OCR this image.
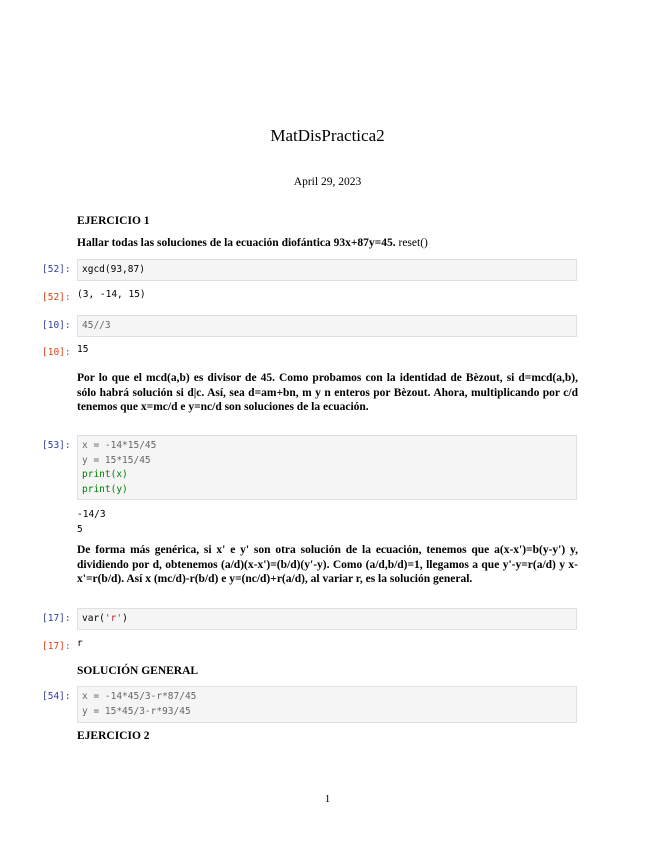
MatDisPractica2
April 29, 2023
EJERCICIO 1
Hallar todas las soluciones de la ecuación diofántica 93x+87y=45. reset()
[52]:	xgcd(93,87)
[52]: (3, -14, 15)
[10]:	45//3
[10]: 15
Por lo que el mcd(a,b) es divisor de 45. Como probamos con la identidad de Bèzout, si d=mcd(a,b), sólo habrá solución si d|c. Así, sea d=am+bn, m y n enteros por Bèzout. Ahora, multiplicando por c/d tenemos que x=mc/d e y=nc/d son soluciones de la ecuación.
[53]:	x = -14*15/45
y = 15*15/45
print(x)
print(y)
-14/3
5
De forma más genérica, si x' e y' son otra solución de la ecuación, tenemos que a(x-x')=b(y-y') y, dividiendo por d, obtenemos (a/d)(x-x')=(b/d)(y'-y). Como (a/d,b/d)=1, llegamos a que y'-y=r(a/d) y x-x'=r(b/d). Así x (mc/d)-r(b/d) e y=(nc/d)+r(a/d), al variar r, es la solución general.
[17]:	var('r')
[17]: r
SOLUCIÓN GENERAL
[54]:	x = -14*45/3-r*87/45
y = 15*45/3-r*93/45
EJERCICIO 2
1
